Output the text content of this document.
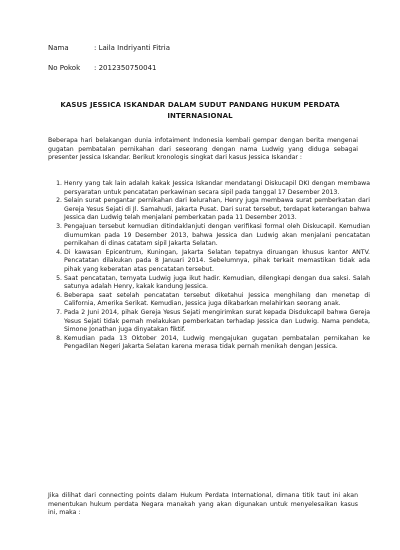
Nama	: Laila Indriyanti Fitria
No Pokok : 2012350750041
KASUS JESSICA ISKANDAR DALAM SUDUT PANDANG HUKUM PERDATA INTERNASIONAL
Beberapa hari belakangan dunia infotaiment Indonesia kembali gempar dengan berita mengenai gugatan pembatalan pernikahan dari seseorang dengan nama Ludwig yang diduga sebagai presenter Jessica Iskandar. Berikut kronologis singkat dari kasus Jessica Iskandar :
1. Henry yang tak lain adalah kakak Jessica Iskandar mendatangi Diskucapil DKI dengan membawa persyaratan untuk pencatatan perkawinan secara sipil pada tanggal 17 Desember 2013.
2. Selain surat pengantar pernikahan dari kelurahan, Henry juga membawa surat pemberkatan dari Gereja Yesus Sejati di Jl. Samahudi, Jakarta Pusat. Dari surat tersebut, terdapat keterangan bahwa Jessica dan Ludwig telah menjalani pemberkatan pada 11 Desember 2013.
3. Pengajuan tersebut kemudian ditindaklanjuti dengan verifikasi formal oleh Diskucapil. Kemudian diumumkan pada 19 Desember 2013, bahwa Jessica dan Ludwig akan menjalani pencatatan pernikahan di dinas catatam sipil Jakarta Selatan.
4. Di kawasan Epicentrum, Kuningan, Jakarta Selatan tepatnya diruangan khusus kantor ANTV. Pencatatan dilakukan pada 8 Januari 2014. Sebelumnya, pihak terkait memastikan tidak ada pihak yang keberatan atas pencatatan tersebut.
5. Saat pencatatan, ternyata Ludwig juga ikut hadir. Kemudian, dilengkapi dengan dua saksi. Salah satunya adalah Henry, kakak kandung Jessica.
6. Beberapa saat setelah pencatatan tersebut diketahui Jessica menghilang dan menetap di California, Amerika Serikat. Kemudian, Jessica juga dikabarkan melahirkan seorang anak.
7. Pada 2 Juni 2014, pihak Gereja Yesus Sejati mengirimkan surat kepada Disdukcapil bahwa Gereja Yesus Sejati tidak pernah melakukan pemberkatan terhadap Jessica dan Ludwig. Nama pendeta, Simone Jonathan juga dinyatakan fiktif.
8. Kemudian pada 13 Oktober 2014, Ludwig mengajukan gugatan pembatalan pernikahan ke Pengadilan Negeri Jakarta Selatan karena merasa tidak pernah menikah dengan Jessica.
Jika dilihat dari connecting points dalam Hukum Perdata International, dimana titik taut ini akan menentukan hukum perdata Negara manakah yang akan digunakan untuk menyelesaikan kasus ini, maka :
